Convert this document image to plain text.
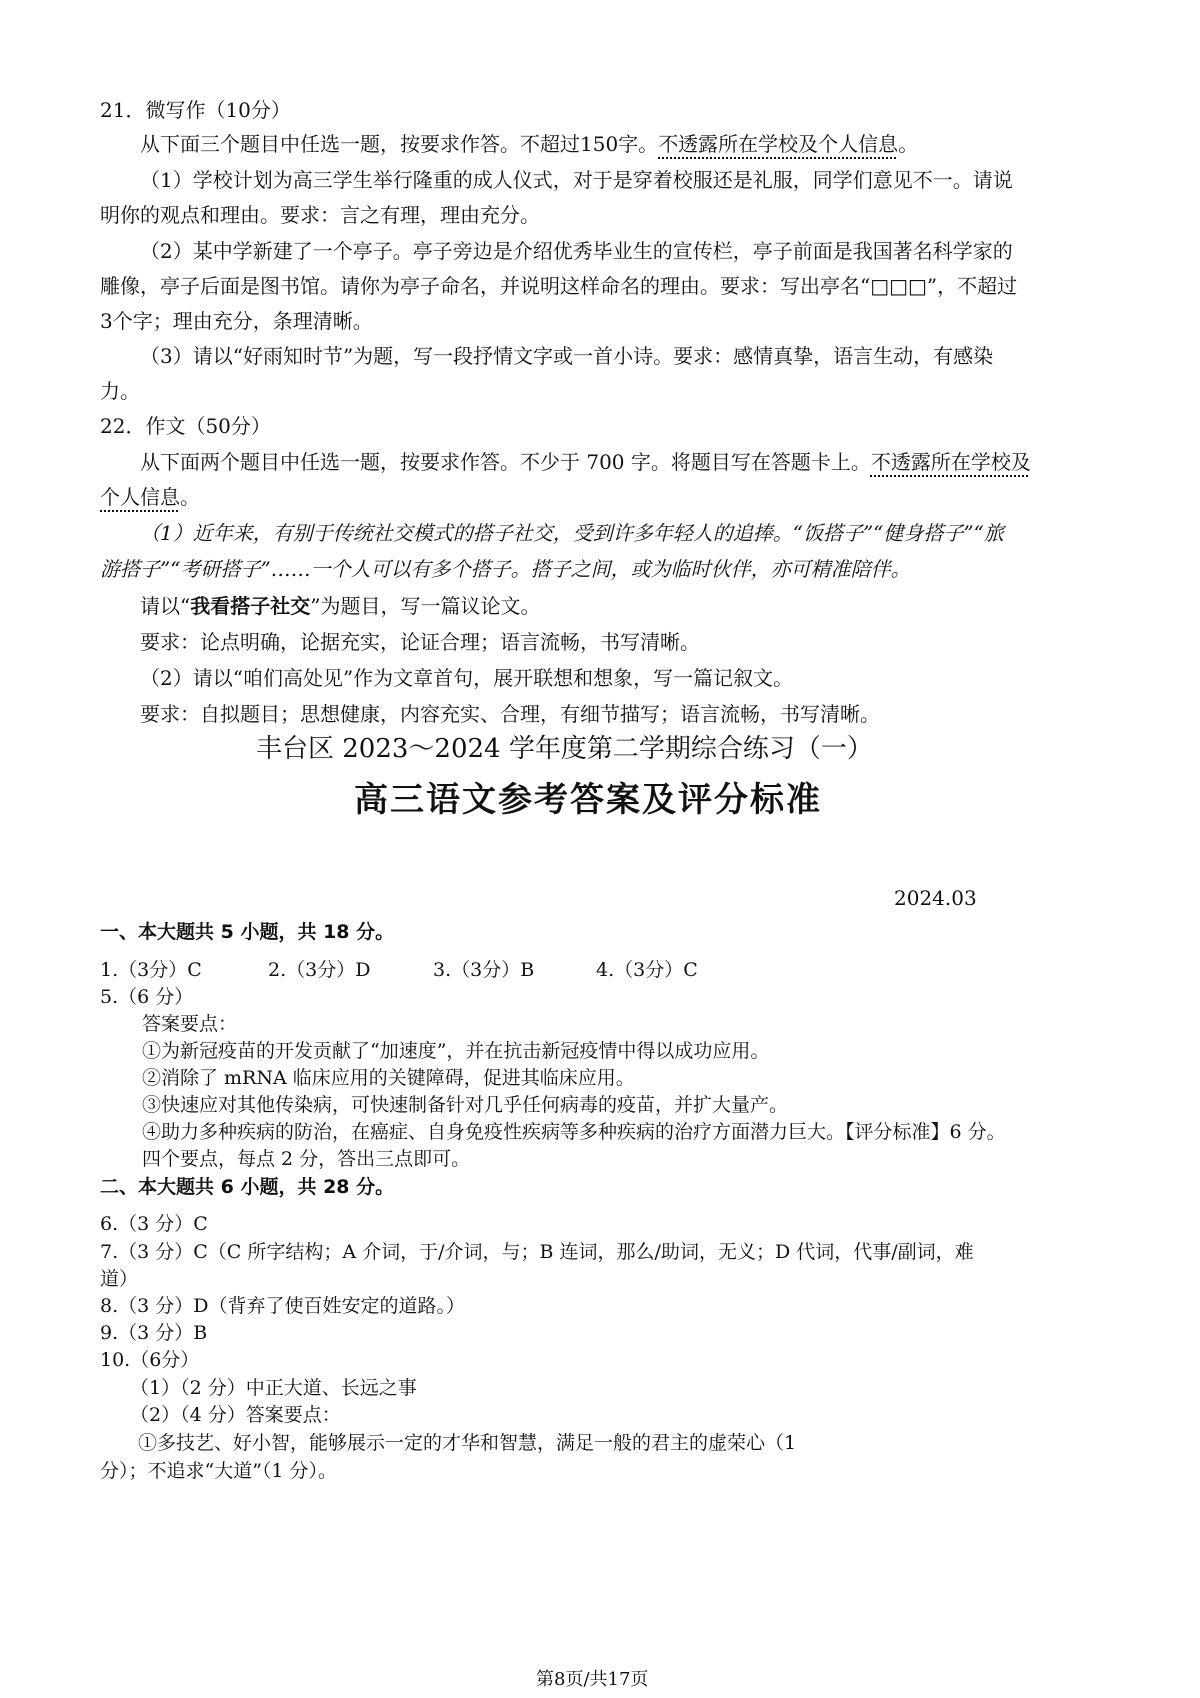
21．微写作（10分）
从下面三个题目中任选一题，按要求作答。不超过150字。不透露所在学校及个人信息。
（1）学校计划为高三学生举行隆重的成人仪式，对于是穿着校服还是礼服，同学们意见不一。请说
明你的观点和理由。要求：言之有理，理由充分。
（2）某中学新建了一个亭子。亭子旁边是介绍优秀毕业生的宣传栏，亭子前面是我国著名科学家的
雕像，亭子后面是图书馆。请你为亭子命名，并说明这样命名的理由。要求：写出亭名“□□□”，不超过
3个字；理由充分，条理清晰。
（3）请以“好雨知时节”为题，写一段抒情文字或一首小诗。要求：感情真挚，语言生动，有感染
力。
22．作文（50分）
从下面两个题目中任选一题，按要求作答。不少于 700 字。将题目写在答题卡上。不透露所在学校及
个人信息。
（1）近年来，有别于传统社交模式的搭子社交，受到许多年轻人的追捧。“饭搭子”“健身搭子”“旅
游搭子”“考研搭子”……一个人可以有多个搭子。搭子之间，或为临时伙伴，亦可精准陪伴。
请以“我看搭子社交”为题目，写一篇议论文。
要求：论点明确，论据充实，论证合理；语言流畅，书写清晰。
（2）请以“咱们高处见”作为文章首句，展开联想和想象，写一篇记叙文。
要求：自拟题目；思想健康，内容充实、合理，有细节描写；语言流畅，书写清晰。
丰台区 2023～2024 学年度第二学期综合练习（一）
高三语文参考答案及评分标准
2024.03
一、本大题共 5 小题，共 18 分。
1.（3分）C	2.（3分）D	3.（3分）B	4.（3分）C
5.（6 分）
答案要点：
①为新冠疫苗的开发贡献了“加速度”，并在抗击新冠疫情中得以成功应用。
②消除了 mRNA 临床应用的关键障碍，促进其临床应用。
③快速应对其他传染病，可快速制备针对几乎任何病毒的疫苗，并扩大量产。
④助力多种疾病的防治，在癌症、自身免疫性疾病等多种疾病的治疗方面潜力巨大。【评分标准】6 分。
四个要点，每点 2 分，答出三点即可。
二、本大题共 6 小题，共 28 分。
6.（3 分）C
7.（3 分）C（C 所字结构；A 介词，于/介词，与；B 连词，那么/助词，无义；D 代词，代事/副词，难
道）
8.（3 分）D（背弃了使百姓安定的道路。）
9.（3 分）B
10.（6分）
（1）（2 分）中正大道、长远之事
（2）（4 分）答案要点：
①多技艺、好小智，能够展示一定的才华和智慧，满足一般的君主的虚荣心（1
分）；不追求“大道”（1 分）。
第8页/共17页
